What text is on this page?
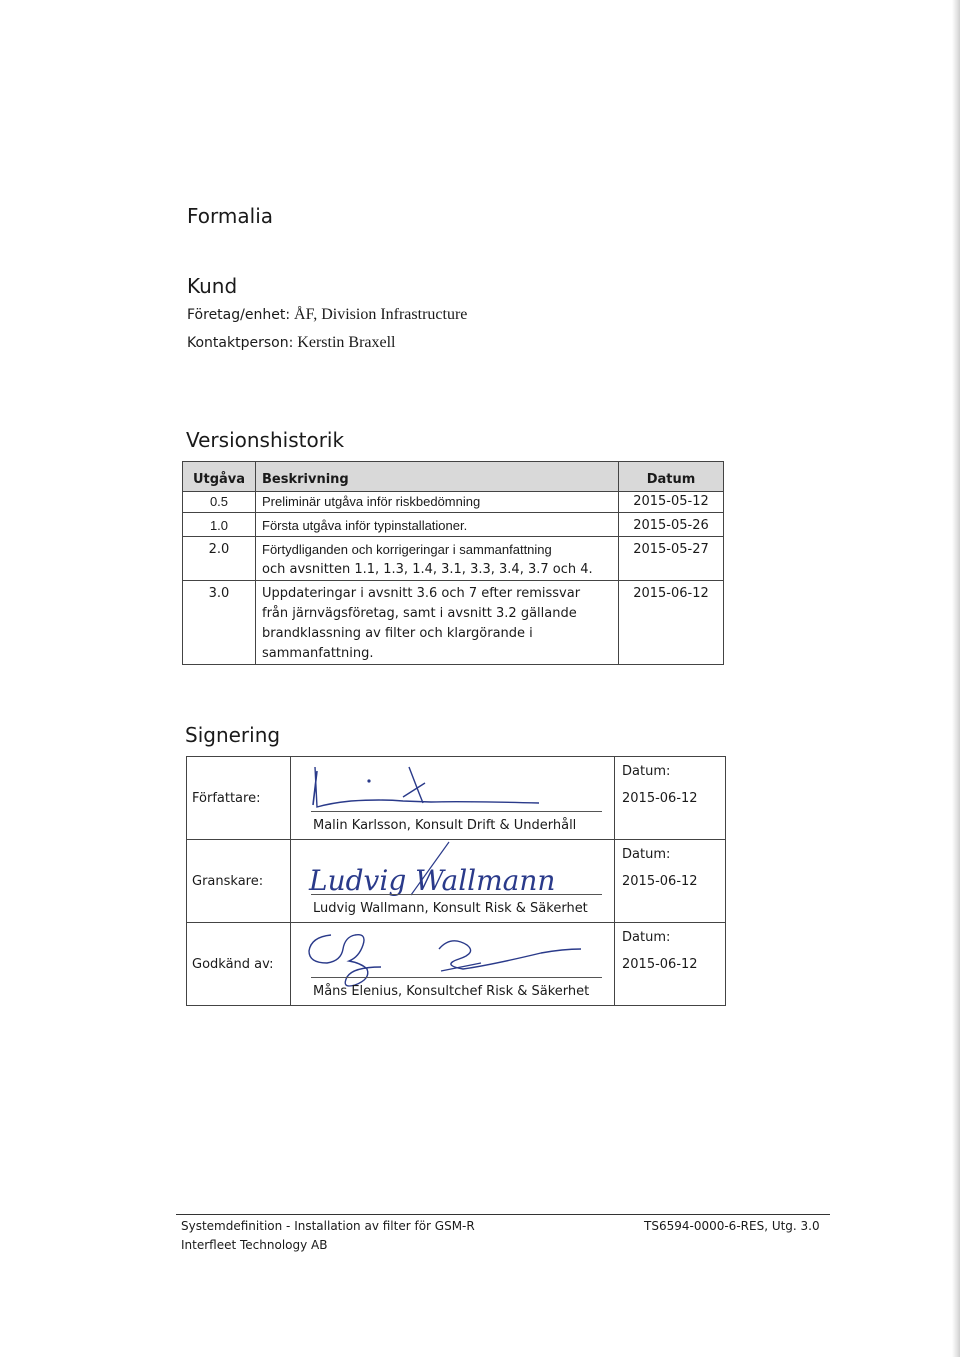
Formalia
Kund
Företag/enhet: ÅF, Division Infrastructure
Kontaktperson: Kerstin Braxell
Versionshistorik
Utgåva	Beskrivning	Datum
0.5	Preliminär utgåva inför riskbedömning	2015-05-12
1.0	Första utgåva inför typinstallationer.	2015-05-26
2.0	Förtydliganden och korrigeringar i sammanfattning
och avsnitten 1.1, 1.3, 1.4, 3.1, 3.3, 3.4, 3.7 och 4.	2015-05-27
3.0	Uppdateringar i avsnitt 3.6 och 7 efter remissvar
från järnvägsföretag, samt i avsnitt 3.2 gällande
brandklassning av filter och klargörande i
sammanfattning.	2015-06-12
Signering
Författare:	Malin Karlsson, Konsult Drift & Underhåll	Datum:
2015-06-12

Granskare:	Ludvig Wallmann
Ludvig Wallmann, Konsult Risk & Säkerhet	Datum:
2015-06-12

Godkänd av:	Måns Elenius, Konsultchef Risk & Säkerhet	Datum:
2015-06-12
Systemdefinition - Installation av filter för GSM-R
Interfleet Technology AB
TS6594-0000-6-RES, Utg. 3.0
